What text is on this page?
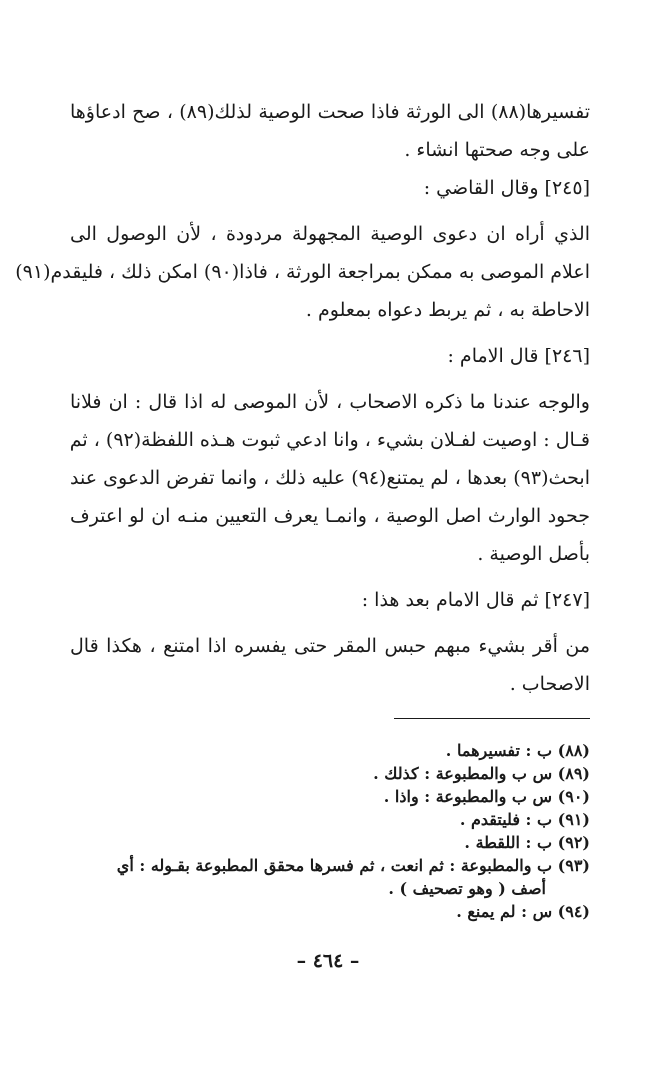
تفسيرها(٨٨) الى الورثة فاذا صحت الوصية لذلك(٨٩) ، صح ادعاؤها
على وجه صحتها انشاء .
[٢٤٥] وقال القاضي :
الذي أراه ان دعوى الوصية المجهولة مردودة ، لأن الوصول الى
اعلام الموصى به ممكن بمراجعة الورثة ، فاذا(٩٠) امكن ذلك ، فليقدم(٩١)
الاحاطة به ، ثم يربط دعواه بمعلوم .
[٢٤٦] قال الامام :
والوجه عندنا ما ذكره الاصحاب ، لأن الموصى له اذا قال : ان فلانا
قـال : اوصيت لفـلان بشيء ، وانا ادعي ثبوت هـذه اللفظة(٩٢) ، ثم
ابحث(٩٣) بعدها ، لم يمتنع(٩٤) عليه ذلك ، وانما تفرض الدعوى عند
جحود الوارث اصل الوصية ، وانمـا يعرف التعيين منـه ان لو اعترف
بأصل الوصية .
[٢٤٧] ثم قال الامام بعد هذا :
من أقر بشيء مبهم حبس المقر حتى يفسره اذا امتنع ، هكذا قال
الاصحاب .
(٨٨) ب : تفسيرهما .
(٨٩) س ب والمطبوعة : كذلك .
(٩٠) س ب والمطبوعة : واذا .
(٩١) ب : فليتقدم .
(٩٢) ب : اللقطة .
(٩٣) ب والمطبوعة : ثم انعت ، ثم فسرها محقق المطبوعة بقـوله : أي
أصف ( وهو تصحيف ) .
(٩٤) س : لم يمنع .
– ٤٦٤ –
